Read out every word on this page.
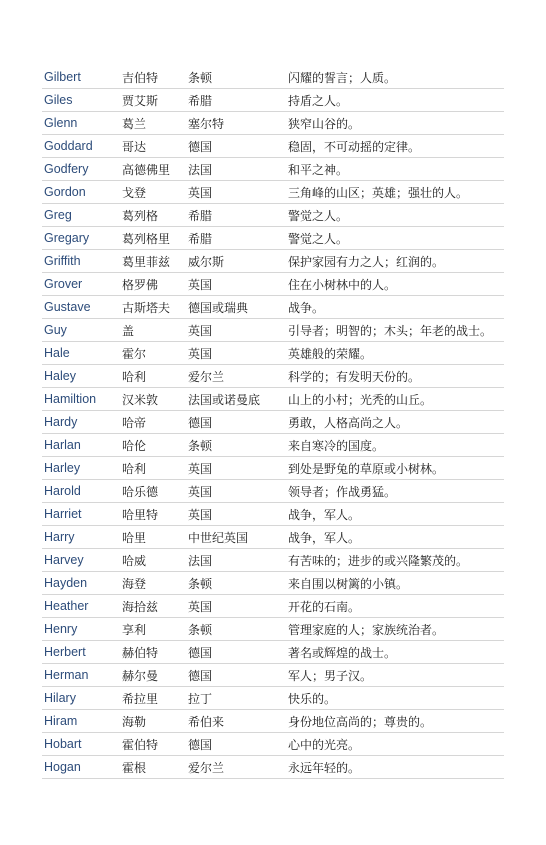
Gilbert	吉伯特	条顿	闪耀的誓言；人质。
Giles	贾艾斯	希腊	持盾之人。
Glenn	葛兰	塞尔特	狭窄山谷的。
Goddard	哥达	德国	稳固，不可动摇的定律。
Godfery	高德佛里	法国	和平之神。
Gordon	戈登	英国	三角峰的山区；英雄；强壮的人。
Greg	葛列格	希腊	警觉之人。
Gregary	葛列格里	希腊	警觉之人。
Griffith	葛里菲兹	威尔斯	保护家园有力之人；红润的。
Grover	格罗佛	英国	住在小树林中的人。
Gustave	古斯塔夫	德国或瑞典	战争。
Guy	盖	英国	引导者；明智的；木头；年老的战士。
Hale	霍尔	英国	英雄般的荣耀。
Haley	哈利	爱尔兰	科学的；有发明天份的。
Hamiltion	汉米敦	法国或诺曼底	山上的小村；光秃的山丘。
Hardy	哈帝	德国	勇敢，人格高尚之人。
Harlan	哈伦	条顿	来自寒冷的国度。
Harley	哈利	英国	到处是野兔的草原或小树林。
Harold	哈乐德	英国	领导者；作战勇猛。
Harriet	哈里特	英国	战争，军人。
Harry	哈里	中世纪英国	战争，军人。
Harvey	哈威	法国	有苦味的；进步的或兴隆繁茂的。
Hayden	海登	条顿	来自围以树篱的小镇。
Heather	海拾兹	英国	开花的石南。
Henry	享利	条顿	管理家庭的人；家族统治者。
Herbert	赫伯特	德国	著名或辉煌的战士。
Herman	赫尔曼	德国	军人；男子汉。
Hilary	希拉里	拉丁	快乐的。
Hiram	海勒	希伯来	身份地位高尚的；尊贵的。
Hobart	霍伯特	德国	心中的光亮。
Hogan	霍根	爱尔兰	永远年轻的。
